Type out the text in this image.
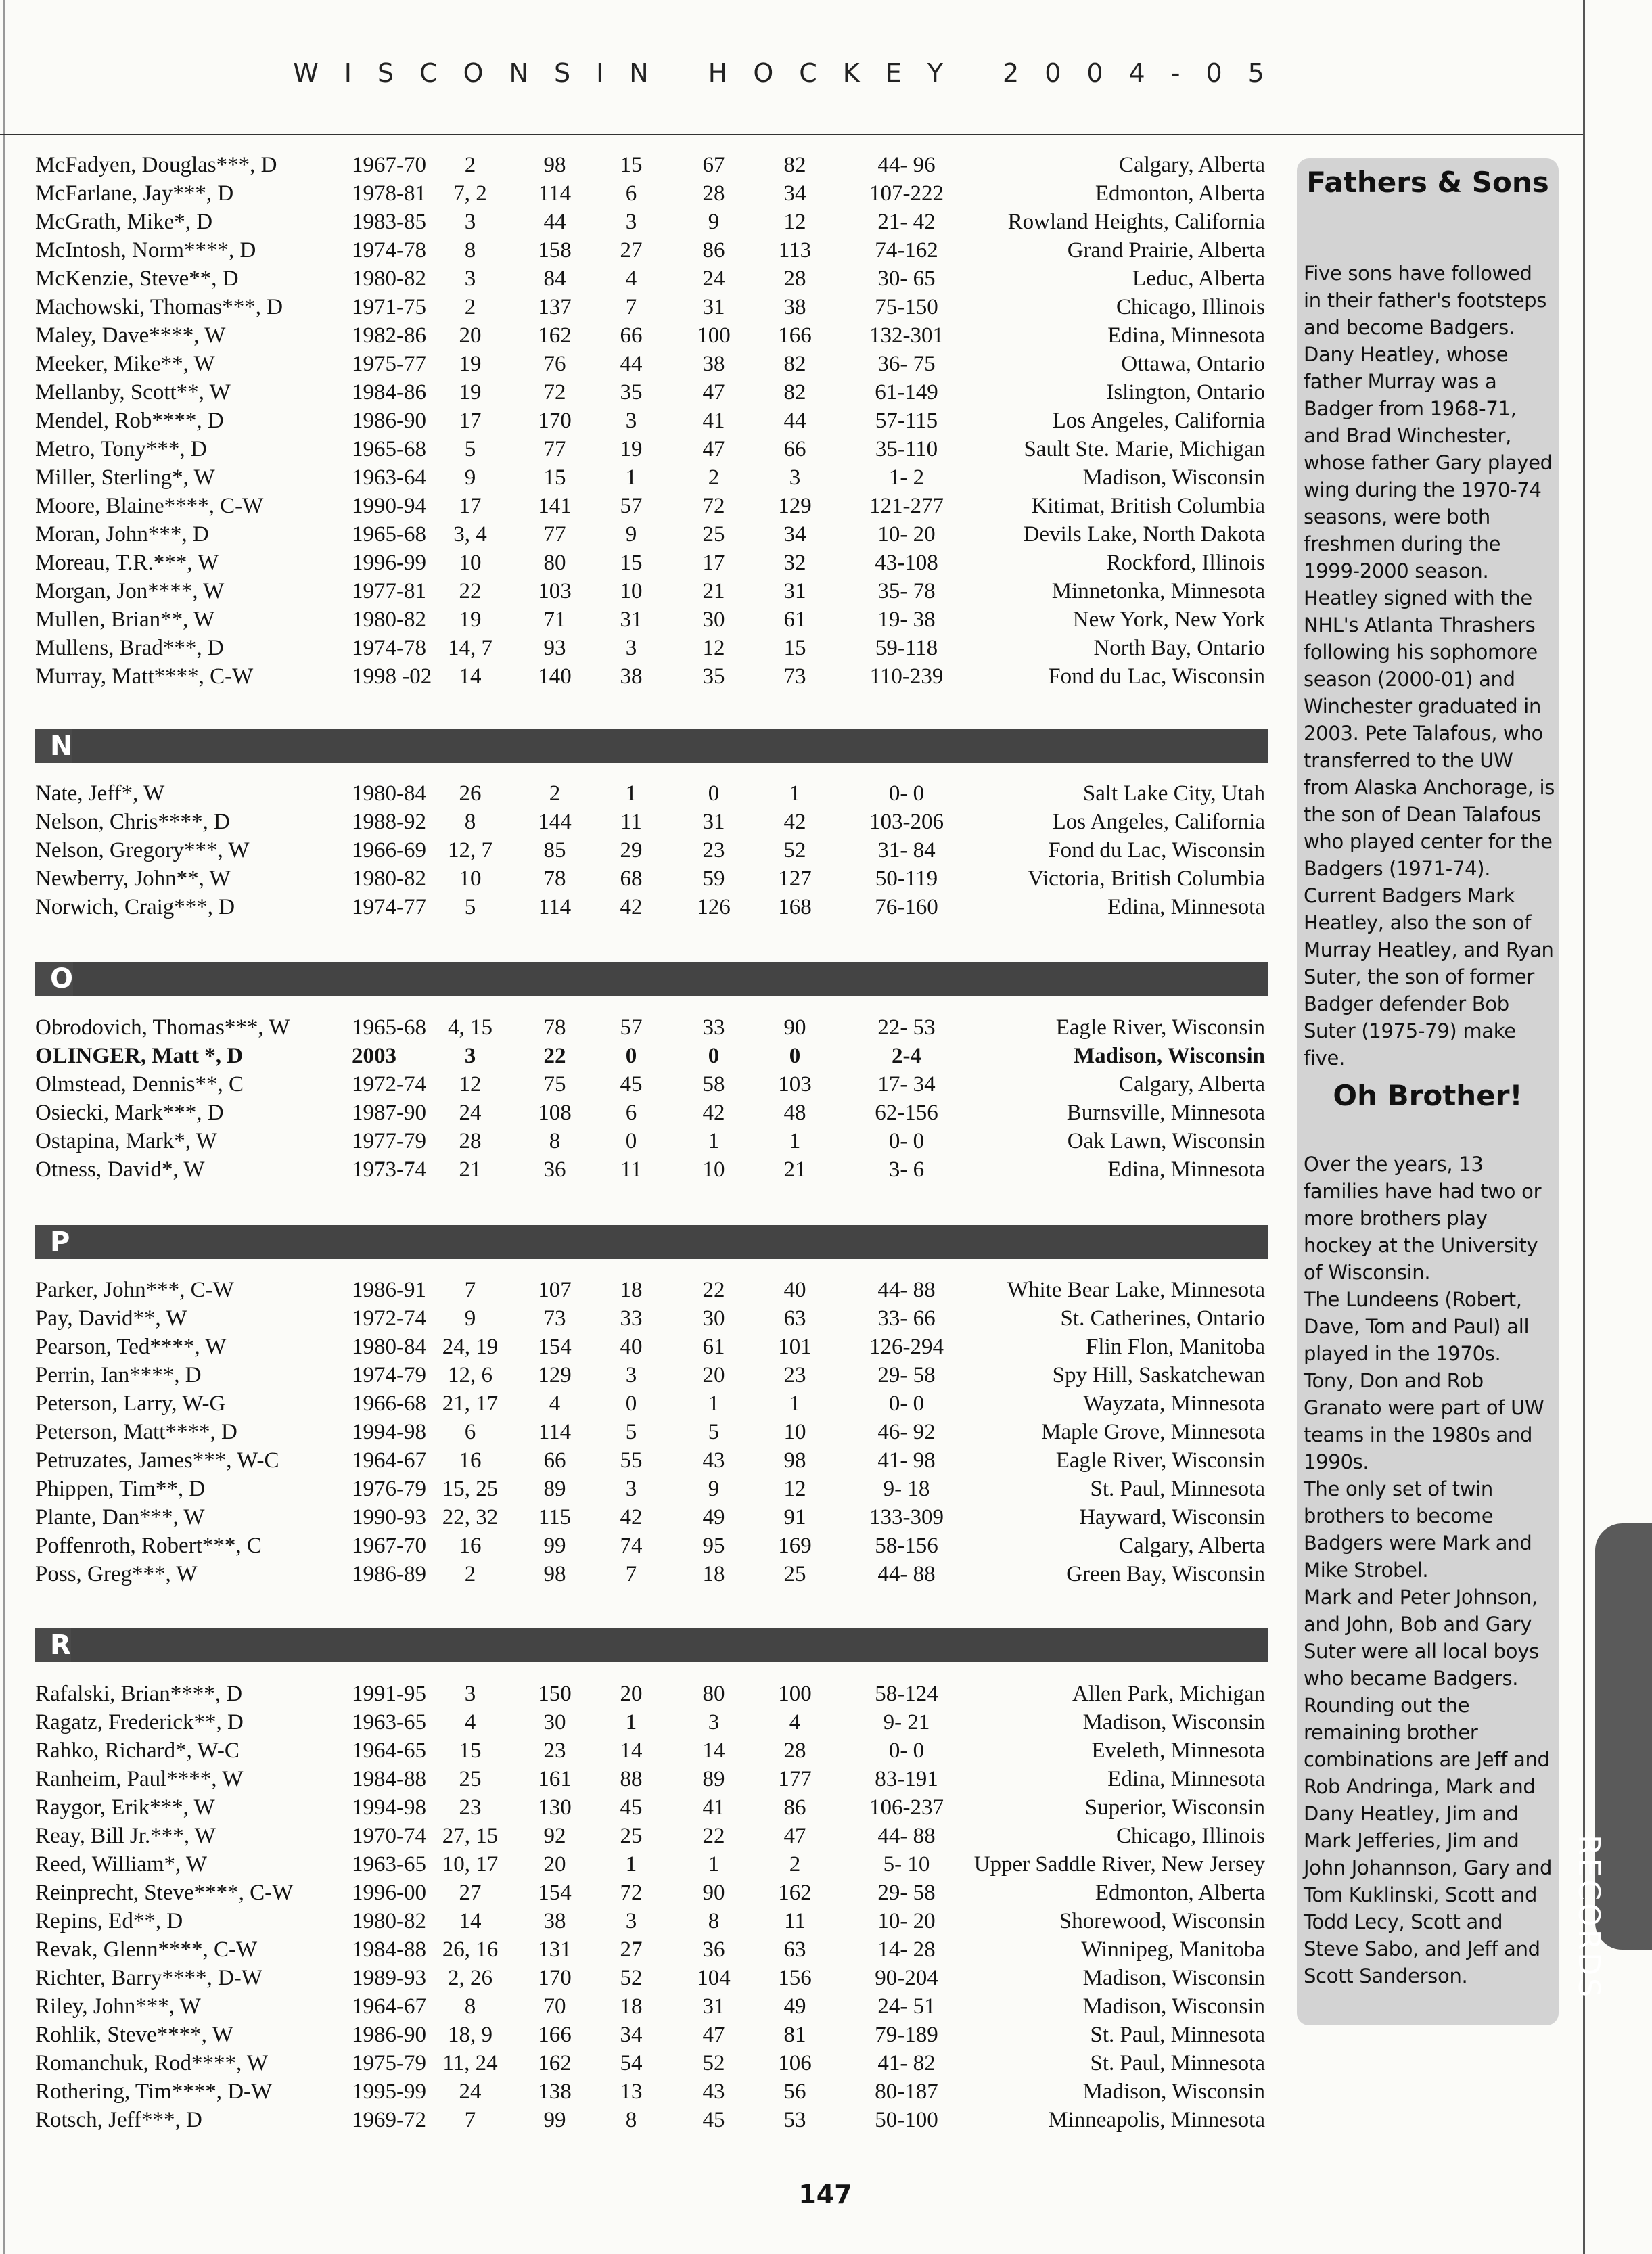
WISCONSIN HOCKEY 2004-05
McFadyen, Douglas***, D	1967-70	2	98	15	67	82	44- 96	Calgary, Alberta
McFarlane, Jay***, D	1978-81	7, 2	114	6	28	34	107-222	Edmonton, Alberta
McGrath, Mike*, D	1983-85	3	44	3	9	12	21- 42	Rowland Heights, California
McIntosh, Norm****, D	1974-78	8	158	27	86	113	74-162	Grand Prairie, Alberta
McKenzie, Steve**, D	1980-82	3	84	4	24	28	30- 65	Leduc, Alberta
Machowski, Thomas***, D	1971-75	2	137	7	31	38	75-150	Chicago, Illinois
Maley, Dave****, W	1982-86	20	162	66	100	166	132-301	Edina, Minnesota
Meeker, Mike**, W	1975-77	19	76	44	38	82	36- 75	Ottawa, Ontario
Mellanby, Scott**, W	1984-86	19	72	35	47	82	61-149	Islington, Ontario
Mendel, Rob****, D	1986-90	17	170	3	41	44	57-115	Los Angeles, California
Metro, Tony***, D	1965-68	5	77	19	47	66	35-110	Sault Ste. Marie, Michigan
Miller, Sterling*, W	1963-64	9	15	1	2	3	1- 2	Madison, Wisconsin
Moore, Blaine****, C-W	1990-94	17	141	57	72	129	121-277	Kitimat, British Columbia
Moran, John***, D	1965-68	3, 4	77	9	25	34	10- 20	Devils Lake, North Dakota
Moreau, T.R.***, W	1996-99	10	80	15	17	32	43-108	Rockford, Illinois
Morgan, Jon****, W	1977-81	22	103	10	21	31	35- 78	Minnetonka, Minnesota
Mullen, Brian**, W	1980-82	19	71	31	30	61	19- 38	New York, New York
Mullens, Brad***, D	1974-78 14, 7	93	3	12	15	59-118	North Bay, Ontario
Murray, Matt****, C-W	1998 -02	14	140	38	35	73	110-239	Fond du Lac, Wisconsin
N
Nate, Jeff*, W	1980-84	26	2	1	0	1	0- 0	Salt Lake City, Utah
Nelson, Chris****, D	1988-92	8	144	11	31	42	103-206	Los Angeles, California
Nelson, Gregory***, W	1966-69 12, 7	85	29	23	52	31- 84	Fond du Lac, Wisconsin
Newberry, John**, W	1980-82	10	78	68	59	127	50-119	Victoria, British Columbia
Norwich, Craig***, D	1974-77	5	114	42	126	168	76-160	Edina, Minnesota
O
Obrodovich, Thomas***, W	1965-68 4, 15	78	57	33	90	22- 53	Eagle River, Wisconsin
OLINGER, Matt *, D	2003	3	22	0	0	0	2-4	Madison, Wisconsin
Olmstead, Dennis**, C	1972-74	12	75	45	58	103	17- 34	Calgary, Alberta
Osiecki, Mark***, D	1987-90	24	108	6	42	48	62-156	Burnsville, Minnesota
Ostapina, Mark*, W	1977-79	28	8	0	1	1	0- 0	Oak Lawn, Wisconsin
Otness, David*, W	1973-74	21	36	11	10	21	3- 6	Edina, Minnesota
P
Parker, John***, C-W	1986-91	7	107	18	22	40	44- 88	White Bear Lake, Minnesota
Pay, David**, W	1972-74	9	73	33	30	63	33- 66	St. Catherines, Ontario
Pearson, Ted****, W	1980-84 24, 19	154	40	61	101	126-294	Flin Flon, Manitoba
Perrin, Ian****, D	1974-79 12, 6	129	3	20	23	29- 58	Spy Hill, Saskatchewan
Peterson, Larry, W-G	1966-68 21, 17	4	0	1	1	0- 0	Wayzata, Minnesota
Peterson, Matt****, D	1994-98	6	114	5	5	10	46- 92	Maple Grove, Minnesota
Petruzates, James***, W-C	1964-67	16	66	55	43	98	41- 98	Eagle River, Wisconsin
Phippen, Tim**, D	1976-79 15, 25	89	3	9	12	9- 18	St. Paul, Minnesota
Plante, Dan***, W	1990-93 22, 32	115	42	49	91	133-309	Hayward, Wisconsin
Poffenroth, Robert***, C	1967-70	16	99	74	95	169	58-156	Calgary, Alberta
Poss, Greg***, W	1986-89	2	98	7	18	25	44- 88	Green Bay, Wisconsin
R
Rafalski, Brian****, D	1991-95	3	150	20	80	100	58-124	Allen Park, Michigan
Ragatz, Frederick**, D	1963-65	4	30	1	3	4	9- 21	Madison, Wisconsin
Rahko, Richard*, W-C	1964-65	15	23	14	14	28	0- 0	Eveleth, Minnesota
Ranheim, Paul****, W	1984-88	25	161	88	89	177	83-191	Edina, Minnesota
Raygor, Erik***, W	1994-98	23	130	45	41	86	106-237	Superior, Wisconsin
Reay, Bill Jr.***, W	1970-74 27, 15	92	25	22	47	44- 88	Chicago, Illinois
Reed, William*, W	1963-65 10, 17	20	1	1	2	5- 10	Upper Saddle River, New Jersey
Reinprecht, Steve****, C-W	1996-00	27	154	72	90	162	29- 58	Edmonton, Alberta
Repins, Ed**, D	1980-82	14	38	3	8	11	10- 20	Shorewood, Wisconsin
Revak, Glenn****, C-W	1984-88 26, 16	131	27	36	63	14- 28	Winnipeg, Manitoba
Richter, Barry****, D-W	1989-93 2, 26	170	52	104	156	90-204	Madison, Wisconsin
Riley, John***, W	1964-67	8	70	18	31	49	24- 51	Madison, Wisconsin
Rohlik, Steve****, W	1986-90 18, 9	166	34	47	81	79-189	St. Paul, Minnesota
Romanchuk, Rod****, W	1975-79 11, 24	162	54	52	106	41- 82	St. Paul, Minnesota
Rothering, Tim****, D-W	1995-99	24	138	13	43	56	80-187	Madison, Wisconsin
Rotsch, Jeff***, D	1969-72	7	99	8	45	53	50-100	Minneapolis, Minnesota
Fathers & Sons

Five sons have followed in their father's footsteps and become Badgers.
Dany Heatley, whose father Murray was a Badger from 1968-71, and Brad Winchester, whose father Gary played wing during the 1970-74 seasons, were both freshmen during the 1999-2000 season. Heatley signed with the NHL's Atlanta Thrashers following his sophomore season (2000-01) and Winchester graduated in 2003. Pete Talafous, who transferred to the UW from Alaska Anchorage, is the son of Dean Talafous who played center for the Badgers (1971-74). Current Badgers Mark Heatley, also the son of Murray Heatley, and Ryan Suter, the son of former Badger defender Bob Suter (1975-79) make five.

Oh Brother!

Over the years, 13 families have had two or more brothers play hockey at the University of Wisconsin.
The Lundeens (Robert, Dave, Tom and Paul) all played in the 1970s. Tony, Don and Rob Granato were part of UW teams in the 1980s and 1990s.
The only set of twin brothers to become Badgers were Mark and Mike Strobel.
Mark and Peter Johnson, and John, Bob and Gary Suter were all local boys who became Badgers.
Rounding out the remaining brother combinations are Jeff and Rob Andringa, Mark and Dany Heatley, Jim and Mark Jefferies, Jim and John Johannson, Gary and Tom Kuklinski, Scott and Todd Lecy, Scott and Steve Sabo, and Jeff and Scott Sanderson.	RECORDS
147
